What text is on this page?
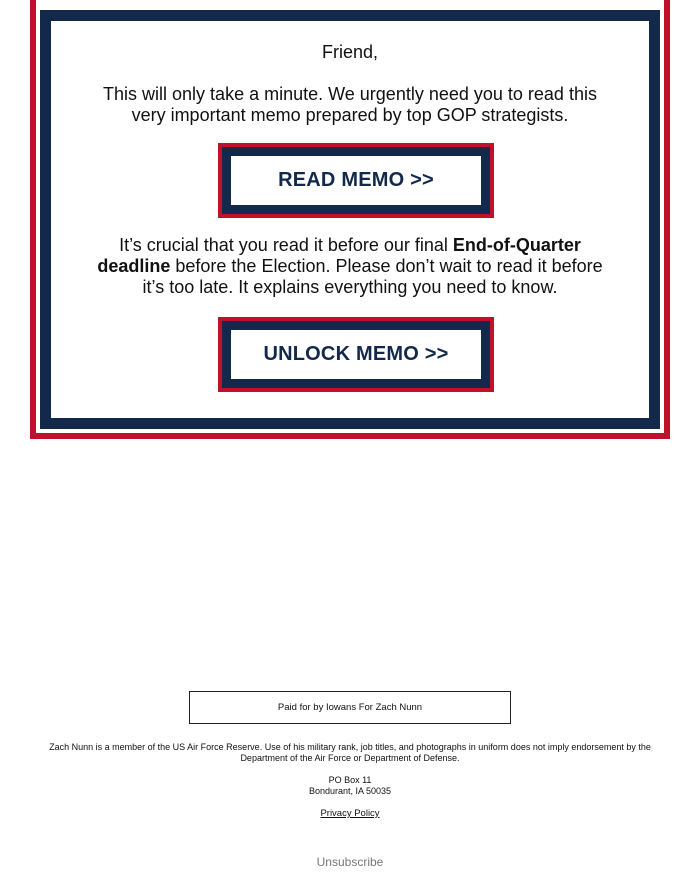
Friend,
This will only take a minute. We urgently need you to read this very important memo prepared by top GOP strategists.
READ MEMO >>
It’s crucial that you read it before our final End-of-Quarter deadline before the Election. Please don’t wait to read it before it’s too late. It explains everything you need to know.
UNLOCK MEMO >>
Paid for by Iowans For Zach Nunn
Zach Nunn is a member of the US Air Force Reserve. Use of his military rank, job titles, and photographs in uniform does not imply endorsement by the Department of the Air Force or Department of Defense.
PO Box 11
Bondurant, IA 50035
Privacy Policy
Unsubscribe
